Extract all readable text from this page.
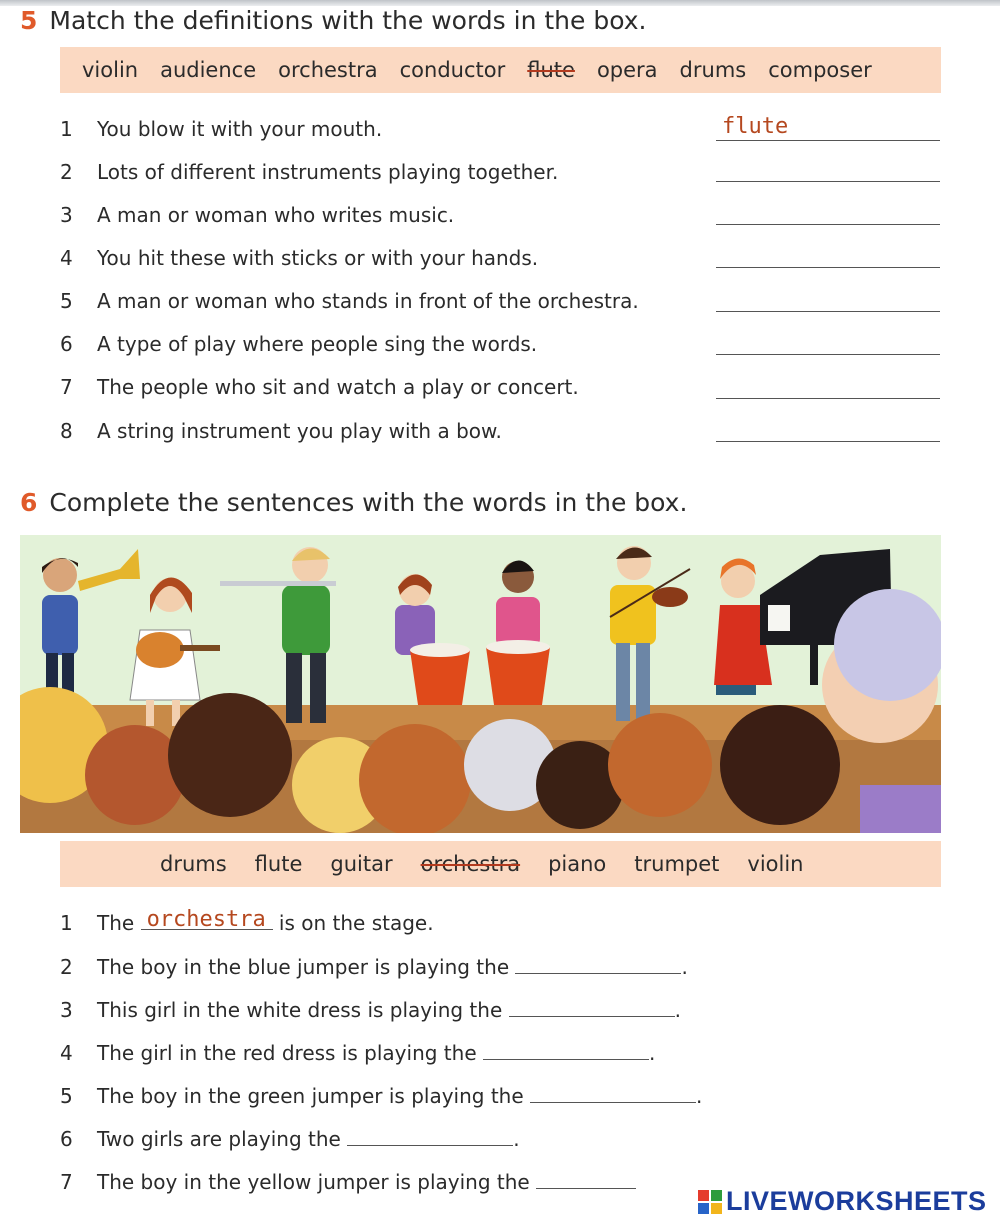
5 Match the definitions with the words in the box.
violin audience orchestra conductor flute opera drums composer
1 You blow it with your mouth.	flute
2 Lots of different instruments playing together.
3 A man or woman who writes music.
4 You hit these with sticks or with your hands.
5 A man or woman who stands in front of the orchestra.
6 A type of play where people sing the words.
7 The people who sit and watch a play or concert.
8 A string instrument you play with a bow.
6 Complete the sentences with the words in the box.
drums flute guitar orchestra piano trumpet violin
1 The orchestra is on the stage.
2 The boy in the blue jumper is playing the	.
3 This girl in the white dress is playing the	.
4 The girl in the red dress is playing the	.
5 The boy in the green jumper is playing the	.
6 Two girls are playing the	.
7 The boy in the yellow jumper is playing the
LIVEWORKSHEETS
